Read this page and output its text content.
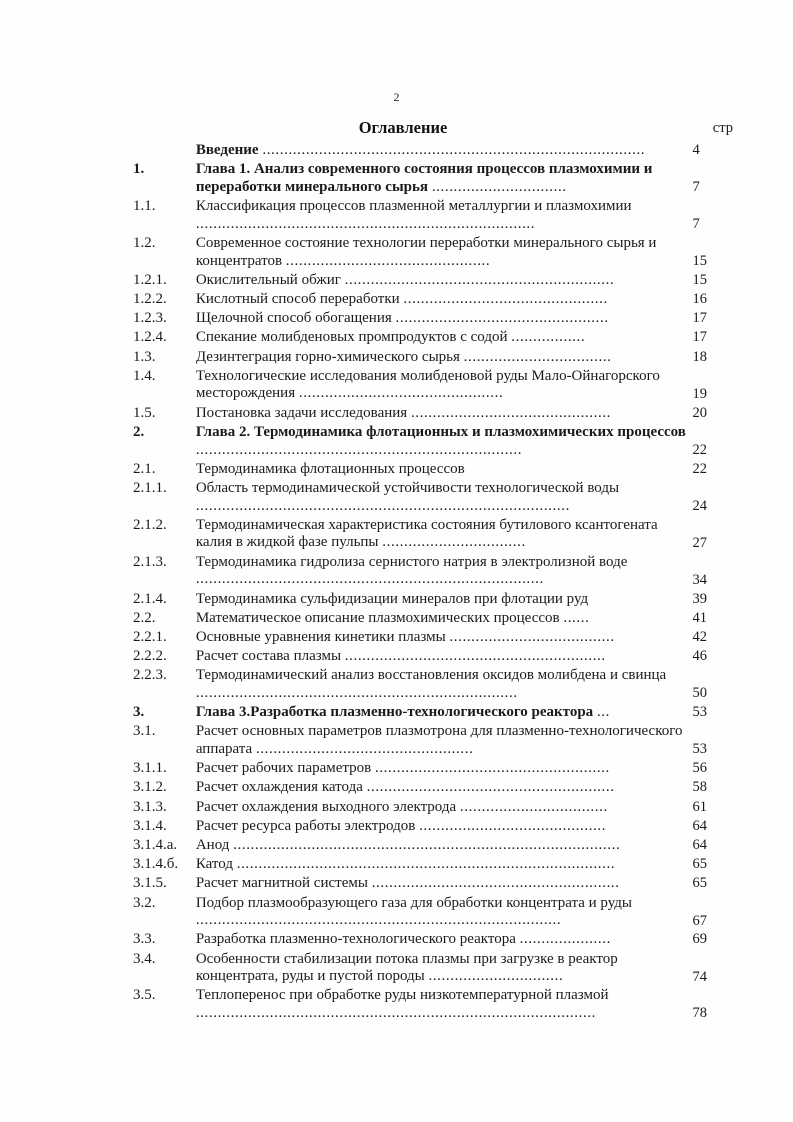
2
Оглавление	стр
	Введение ........................................................................................	4
1.	Глава 1. Анализ современного состояния процессов плазмохимии и переработки минерального сырья ...............................	7
1.1.	Классификация процессов плазменной металлургии и плазмохимии ..............................................................................	7
1.2.	Современное состояние технологии переработки минерального сырья и концентратов ...............................................	15
1.2.1.	Окислительный обжиг ..............................................................	15
1.2.2.	Кислотный способ переработки ...............................................	16
1.2.3.	Щелочной способ обогащения .................................................	17
1.2.4.	Спекание молибденовых промпродуктов с содой .................	17
1.3.	Дезинтеграция горно-химического сырья ..................................	18
1.4.	Технологические исследования молибденовой руды Мало-Ойнагорского месторождения ...............................................	19
1.5.	Постановка задачи исследования ..............................................	20
2.	Глава 2. Термодинамика флотационных и плазмохимических процессов ...........................................................................	22
2.1.	Термодинамика флотационных процессов	22
2.1.1.	Область термодинамической устойчивости технологической воды ......................................................................................	24
2.1.2.	Термодинамическая характеристика состояния бутилового ксантогената калия в жидкой фазе пульпы .................................	27
2.1.3.	Термодинамика гидролиза сернистого натрия в электролизной воде ................................................................................	34
2.1.4.	Термодинамика сульфидизации минералов при флотации руд	39
2.2.	Математическое описание плазмохимических процессов ......	41
2.2.1.	Основные уравнения кинетики плазмы ......................................	42
2.2.2.	Расчет состава плазмы ............................................................	46
2.2.3.	Термодинамический анализ восстановления оксидов молибдена и свинца ..........................................................................	50
3.	Глава 3.Разработка плазменно-технологического реактора ...	53
3.1.	Расчет основных параметров плазмотрона для плазменно-технологического аппарата ..................................................	53
3.1.1.	Расчет рабочих параметров ......................................................	56
3.1.2.	Расчет охлаждения катода .........................................................	58
3.1.3.	Расчет охлаждения выходного электрода ..................................	61
3.1.4.	Расчет ресурса работы электродов ...........................................	64
3.1.4.а.	Анод .........................................................................................	64
3.1.4.б.	Катод .......................................................................................	65
3.1.5.	Расчет магнитной системы .........................................................	65
3.2.	Подбор плазмообразующего газа для обработки концентрата и руды ....................................................................................	67
3.3.	Разработка плазменно-технологического реактора .....................	69
3.4.	Особенности стабилизации потока плазмы при загрузке в реактор концентрата, руды и пустой породы ...............................	74
3.5.	Теплоперенос при обработке руды низкотемпературной плазмой ............................................................................................	78
